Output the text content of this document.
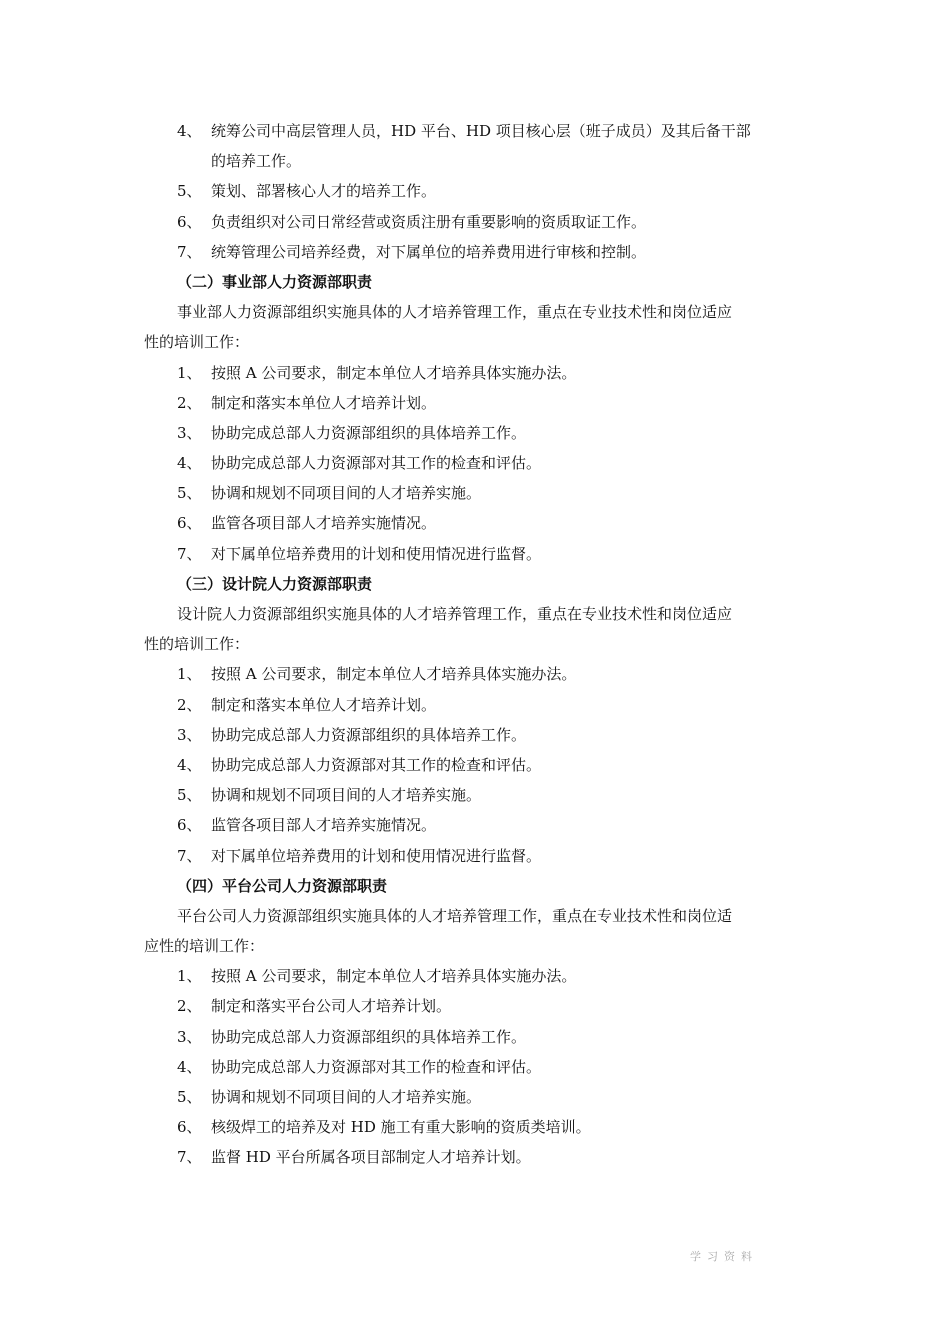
4、 统筹公司中高层管理人员，HD 平台、HD 项目核心层（班子成员）及其后备干部
的培养工作。
5、 策划、部署核心人才的培养工作。
6、 负责组织对公司日常经营或资质注册有重要影响的资质取证工作。
7、 统筹管理公司培养经费，对下属单位的培养费用进行审核和控制。
（二）事业部人力资源部职责
事业部人力资源部组织实施具体的人才培养管理工作，重点在专业技术性和岗位适应
性的培训工作：
1、 按照 A 公司要求，制定本单位人才培养具体实施办法。
2、 制定和落实本单位人才培养计划。
3、 协助完成总部人力资源部组织的具体培养工作。
4、 协助完成总部人力资源部对其工作的检查和评估。
5、 协调和规划不同项目间的人才培养实施。
6、 监管各项目部人才培养实施情况。
7、 对下属单位培养费用的计划和使用情况进行监督。
（三）设计院人力资源部职责
设计院人力资源部组织实施具体的人才培养管理工作，重点在专业技术性和岗位适应
性的培训工作：
1、 按照 A 公司要求，制定本单位人才培养具体实施办法。
2、 制定和落实本单位人才培养计划。
3、 协助完成总部人力资源部组织的具体培养工作。
4、 协助完成总部人力资源部对其工作的检查和评估。
5、 协调和规划不同项目间的人才培养实施。
6、 监管各项目部人才培养实施情况。
7、 对下属单位培养费用的计划和使用情况进行监督。
（四）平台公司人力资源部职责
平台公司人力资源部组织实施具体的人才培养管理工作，重点在专业技术性和岗位适
应性的培训工作：
1、 按照 A 公司要求，制定本单位人才培养具体实施办法。
2、 制定和落实平台公司人才培养计划。
3、 协助完成总部人力资源部组织的具体培养工作。
4、 协助完成总部人力资源部对其工作的检查和评估。
5、 协调和规划不同项目间的人才培养实施。
6、 核级焊工的培养及对 HD 施工有重大影响的资质类培训。
7、 监督 HD 平台所属各项目部制定人才培养计划。
学习资料
